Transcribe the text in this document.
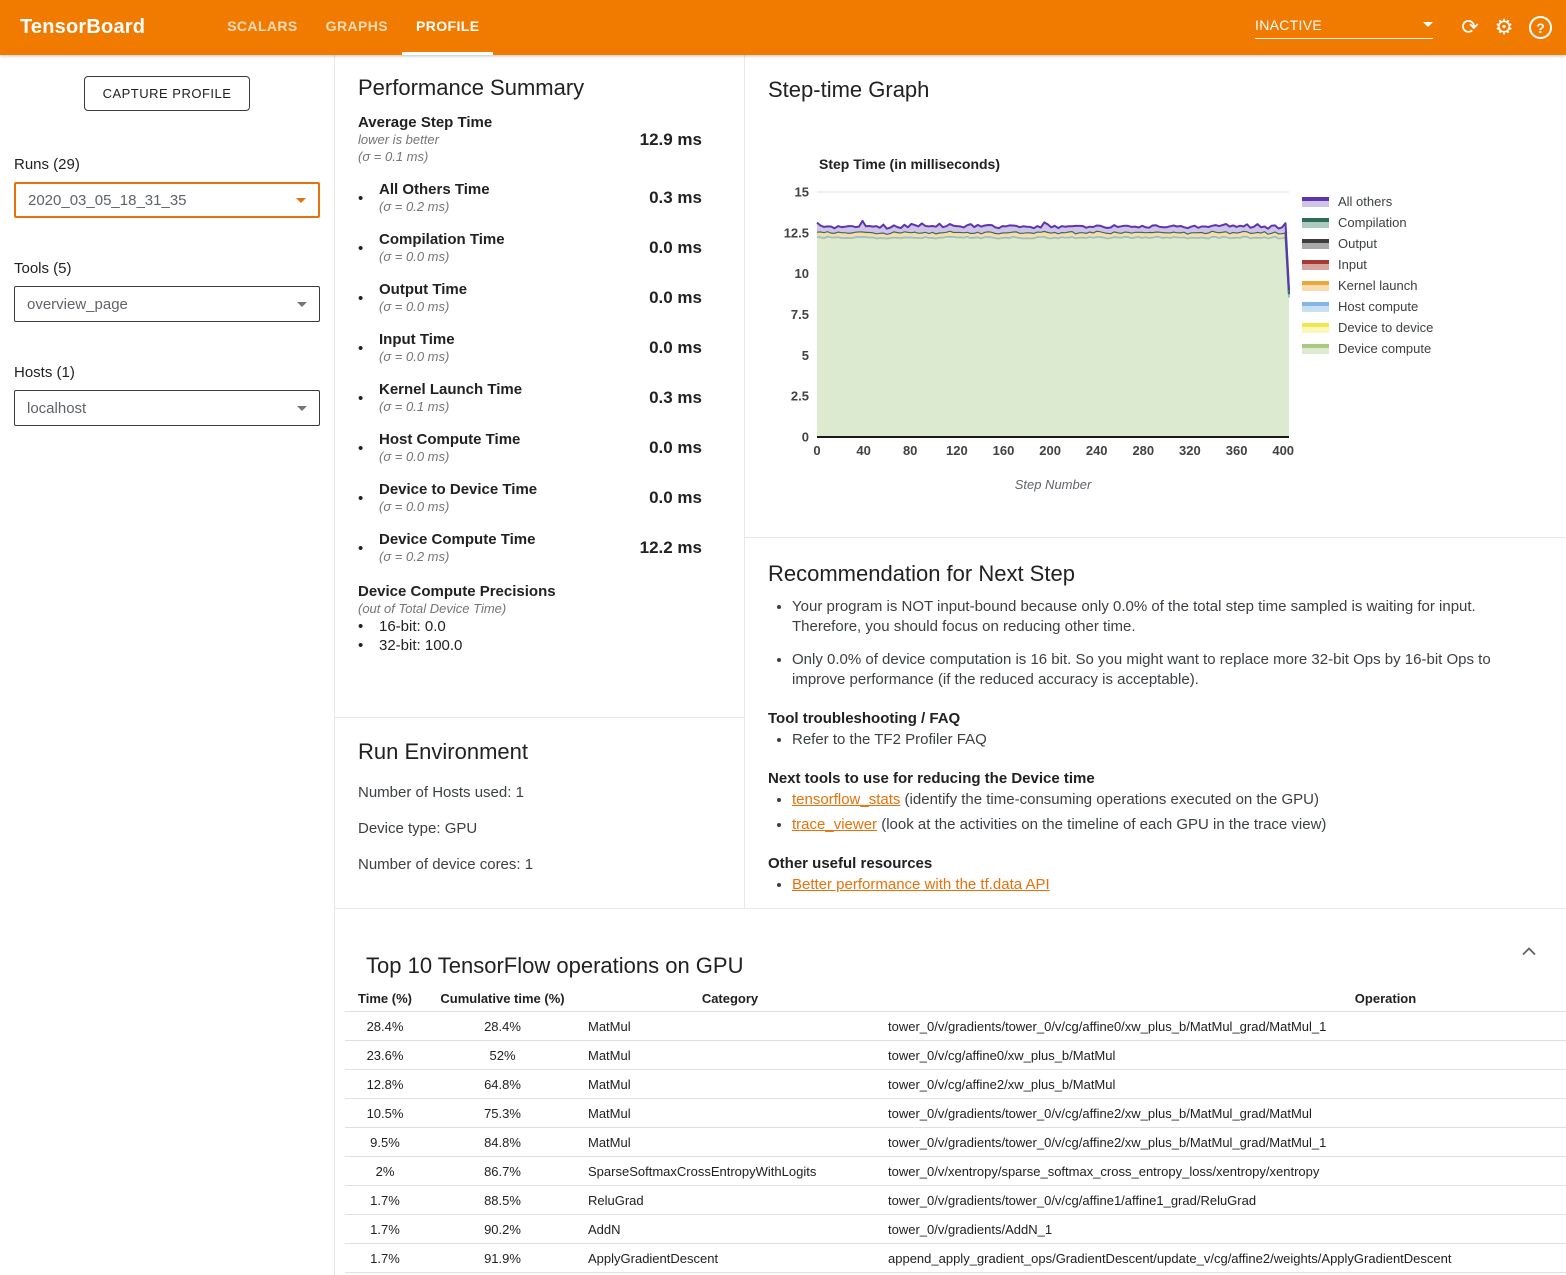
TensorBoard	SCALARS	GRAPHS	PROFILE	INACTIVE	⟳ ⚙	?
CAPTURE PROFILE
Runs (29)
2020_03_05_18_31_35
Tools (5)
overview_page
Hosts (1)
localhost
Performance Summary
Average Step Time
lower is better
(σ = 0.1 ms)
12.9 ms
•	All Others Time
(σ = 0.2 ms)	0.3 ms
•	Compilation Time
(σ = 0.0 ms)	0.0 ms
•	Output Time
(σ = 0.0 ms)	0.0 ms
•	Input Time
(σ = 0.0 ms)	0.0 ms
•	Kernel Launch Time
(σ = 0.1 ms)	0.3 ms
•	Host Compute Time
(σ = 0.0 ms)	0.0 ms
•	Device to Device Time
(σ = 0.0 ms)	0.0 ms
•	Device Compute Time
(σ = 0.2 ms)	12.2 ms
Device Compute Precisions
(out of Total Device Time)
•	16-bit: 0.0
•	32-bit: 100.0
Run Environment
Number of Hosts used: 1
Device type: GPU
Number of device cores: 1
Step-time Graph
0
2.5
5
7.5
10
12.5
15
0	40 80 120 160 200 240 280 320 360 400
Step Time (in milliseconds)
Step Number
All others
Compilation
Output
Input
Kernel launch
Host compute
Device to device
Device compute
Recommendation for Next Step
• Your program is NOT input-bound because only 0.0% of the total step time sampled is waiting for input. Therefore, you should focus on reducing other time.
• Only 0.0% of device computation is 16 bit. So you might want to replace more 32-bit Ops by 16-bit Ops to improve performance (if the reduced accuracy is acceptable).
Tool troubleshooting / FAQ
• Refer to the TF2 Profiler FAQ
Next tools to use for reducing the Device time
• tensorflow_stats (identify the time-consuming operations executed on the GPU)
• trace_viewer (look at the activities on the timeline of each GPU in the trace view)
Other useful resources
• Better performance with the tf.data API
Top 10 TensorFlow operations on GPU
Time (%)	Cumulative time (%)	Category	Operation
28.4%	28.4%	MatMul	tower_0/v/gradients/tower_0/v/cg/affine0/xw_plus_b/MatMul_grad/MatMul_1
23.6%	52%	MatMul	tower_0/v/cg/affine0/xw_plus_b/MatMul
12.8%	64.8%	MatMul	tower_0/v/cg/affine2/xw_plus_b/MatMul
10.5%	75.3%	MatMul	tower_0/v/gradients/tower_0/v/cg/affine2/xw_plus_b/MatMul_grad/MatMul
9.5%	84.8%	MatMul	tower_0/v/gradients/tower_0/v/cg/affine2/xw_plus_b/MatMul_grad/MatMul_1
2%	86.7%	SparseSoftmaxCrossEntropyWithLogits	tower_0/v/xentropy/sparse_softmax_cross_entropy_loss/xentropy/xentropy
1.7%	88.5%	ReluGrad	tower_0/v/gradients/tower_0/v/cg/affine1/affine1_grad/ReluGrad
1.7%	90.2%	AddN	tower_0/v/gradients/AddN_1
1.7%	91.9%	ApplyGradientDescent	append_apply_gradient_ops/GradientDescent/update_v/cg/affine2/weights/ApplyGradientDescent
